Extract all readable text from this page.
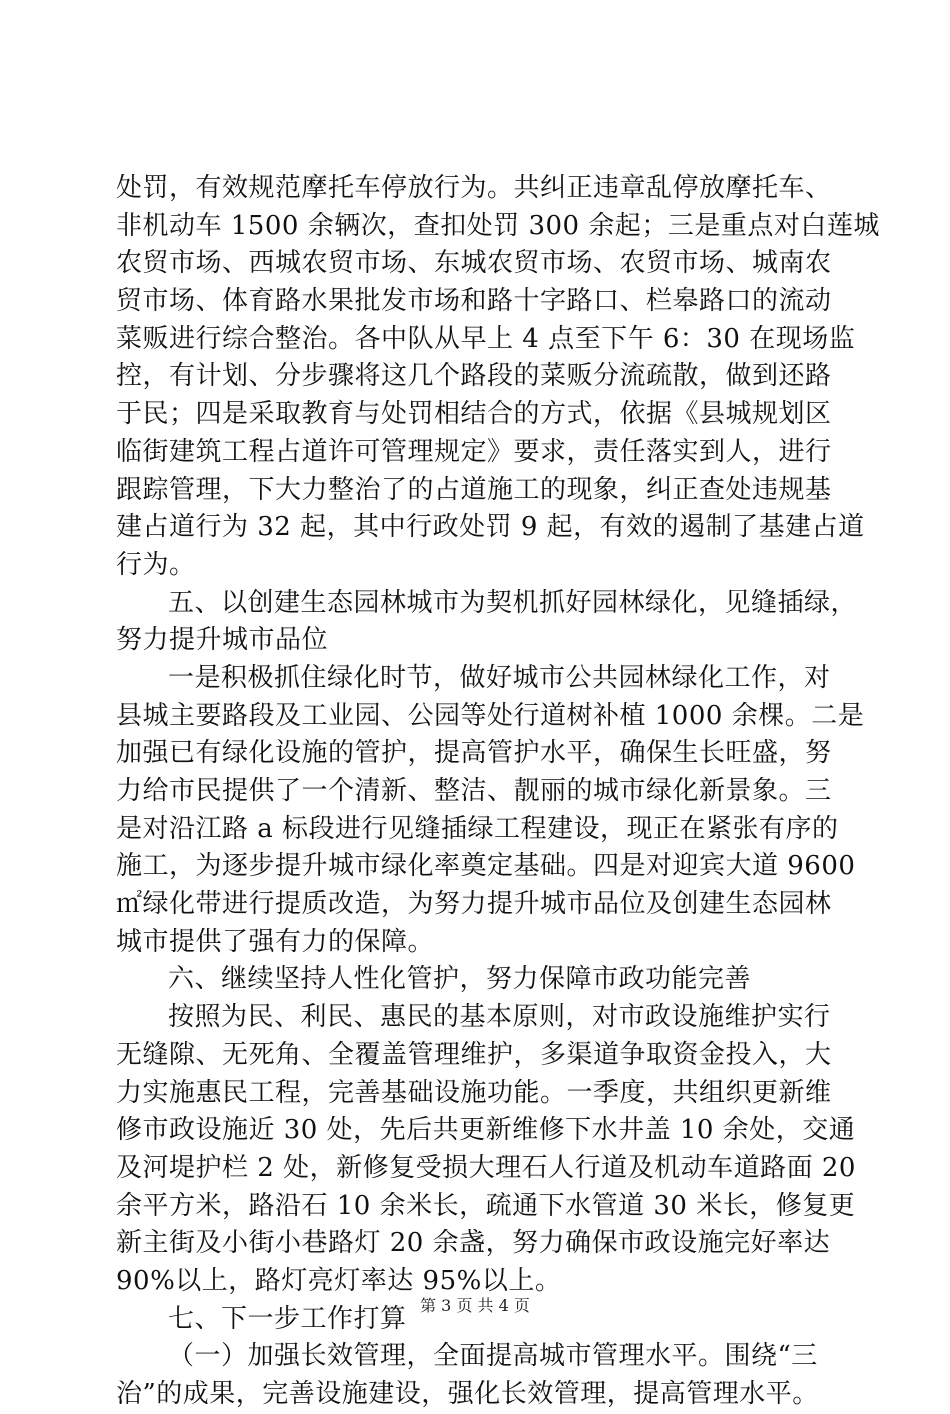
处罚，有效规范摩托车停放行为。共纠正违章乱停放摩托车、
非机动车 1500 余辆次，查扣处罚 300 余起；三是重点对白莲城
农贸市场、西城农贸市场、东城农贸市场、农贸市场、城南农
贸市场、体育路水果批发市场和路十字路口、栏皋路口的流动
菜贩进行综合整治。各中队从早上 4 点至下午 6：30 在现场监
控，有计划、分步骤将这几个路段的菜贩分流疏散，做到还路
于民；四是采取教育与处罚相结合的方式，依据《县城规划区
临街建筑工程占道许可管理规定》要求，责任落实到人，进行
跟踪管理，下大力整治了的占道施工的现象，纠正查处违规基
建占道行为 32 起，其中行政处罚 9 起，有效的遏制了基建占道
行为。
五、以创建生态园林城市为契机抓好园林绿化，见缝插绿，
努力提升城市品位
一是积极抓住绿化时节，做好城市公共园林绿化工作，对
县城主要路段及工业园、公园等处行道树补植 1000 余棵。二是
加强已有绿化设施的管护，提高管护水平，确保生长旺盛，努
力给市民提供了一个清新、整洁、靓丽的城市绿化新景象。三
是对沿江路 a 标段进行见缝插绿工程建设，现正在紧张有序的
施工，为逐步提升城市绿化率奠定基础。四是对迎宾大道 9600
㎡绿化带进行提质改造，为努力提升城市品位及创建生态园林
城市提供了强有力的保障。
六、继续坚持人性化管护，努力保障市政功能完善
按照为民、利民、惠民的基本原则，对市政设施维护实行
无缝隙、无死角、全覆盖管理维护，多渠道争取资金投入，大
力实施惠民工程，完善基础设施功能。一季度，共组织更新维
修市政设施近 30 处，先后共更新维修下水井盖 10 余处，交通
及河堤护栏 2 处，新修复受损大理石人行道及机动车道路面 20
余平方米，路沿石 10 余米长，疏通下水管道 30 米长，修复更
新主街及小街小巷路灯 20 余盏，努力确保市政设施完好率达
90%以上，路灯亮灯率达 95%以上。
七、下一步工作打算
（一）加强长效管理，全面提高城市管理水平。围绕“三
治”的成果，完善设施建设，强化长效管理，提高管理水平。
第 3 页 共 4 页
